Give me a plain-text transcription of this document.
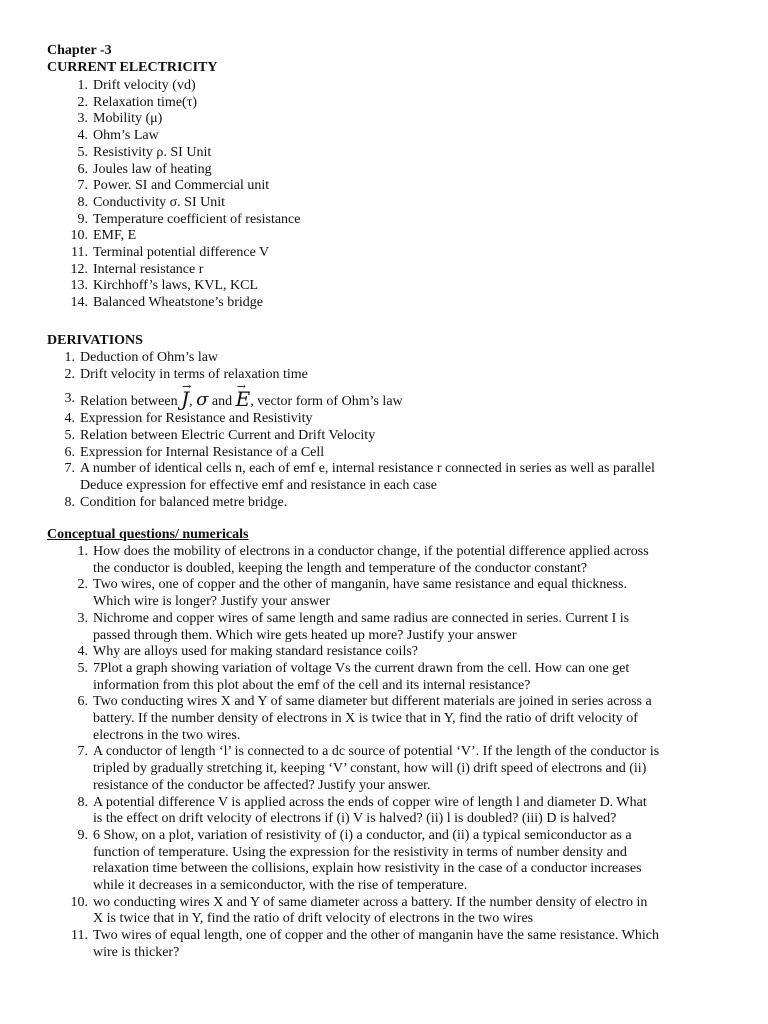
Chapter -3
CURRENT ELECTRICITY
1. Drift velocity (vd)
2. Relaxation time(τ)
3. Mobility (μ)
4. Ohm’s Law
5. Resistivity ρ. SI Unit
6. Joules law of heating
7. Power. SI and Commercial unit
8. Conductivity σ. SI Unit
9. Temperature coefficient of resistance
10. EMF, E
11. Terminal potential difference V
12. Internal resistance r
13. Kirchhoff’s laws, KVL, KCL
14. Balanced Wheatstone’s bridge
DERIVATIONS
1. Deduction of Ohm’s law
2. Drift velocity in terms of relaxation time
3. Relation between → J, σ and → E, vector form of Ohm’s law
4. Expression for Resistance and Resistivity
5. Relation between Electric Current and Drift Velocity
6. Expression for Internal Resistance of a Cell
7. A number of identical cells n, each of emf e, internal resistance r connected in series as well as parallel
Deduce expression for effective emf and resistance in each case
8. Condition for balanced metre bridge.
Conceptual questions/ numericals
1. How does the mobility of electrons in a conductor change, if the potential difference applied across
the conductor is doubled, keeping the length and temperature of the conductor constant?
2. Two wires, one of copper and the other of manganin, have same resistance and equal thickness.
Which wire is longer? Justify your answer
3. Nichrome and copper wires of same length and same radius are connected in series. Current I is
passed through them. Which wire gets heated up more? Justify your answer
4. Why are alloys used for making standard resistance coils?
5. 7Plot a graph showing variation of voltage Vs the current drawn from the cell. How can one get
information from this plot about the emf of the cell and its internal resistance?
6. Two conducting wires X and Y of same diameter but different materials are joined in series across a
battery. If the number density of electrons in X is twice that in Y, find the ratio of drift velocity of
electrons in the two wires.
7. A conductor of length ‘l’ is connected to a dc source of potential ‘V’. If the length of the conductor is
tripled by gradually stretching it, keeping ‘V’ constant, how will (i) drift speed of electrons and (ii)
resistance of the conductor be affected? Justify your answer.
8. A potential difference V is applied across the ends of copper wire of length l and diameter D. What
is the effect on drift velocity of electrons if (i) V is halved? (ii) l is doubled? (iii) D is halved?
9. 6 Show, on a plot, variation of resistivity of (i) a conductor, and (ii) a typical semiconductor as a
function of temperature. Using the expression for the resistivity in terms of number density and
relaxation time between the collisions, explain how resistivity in the case of a conductor increases
while it decreases in a semiconductor, with the rise of temperature.
10. wo conducting wires X and Y of same diameter across a battery. If the number density of electro in
X is twice that in Y, find the ratio of drift velocity of electrons in the two wires
11. Two wires of equal length, one of copper and the other of manganin have the same resistance. Which
wire is thicker?
